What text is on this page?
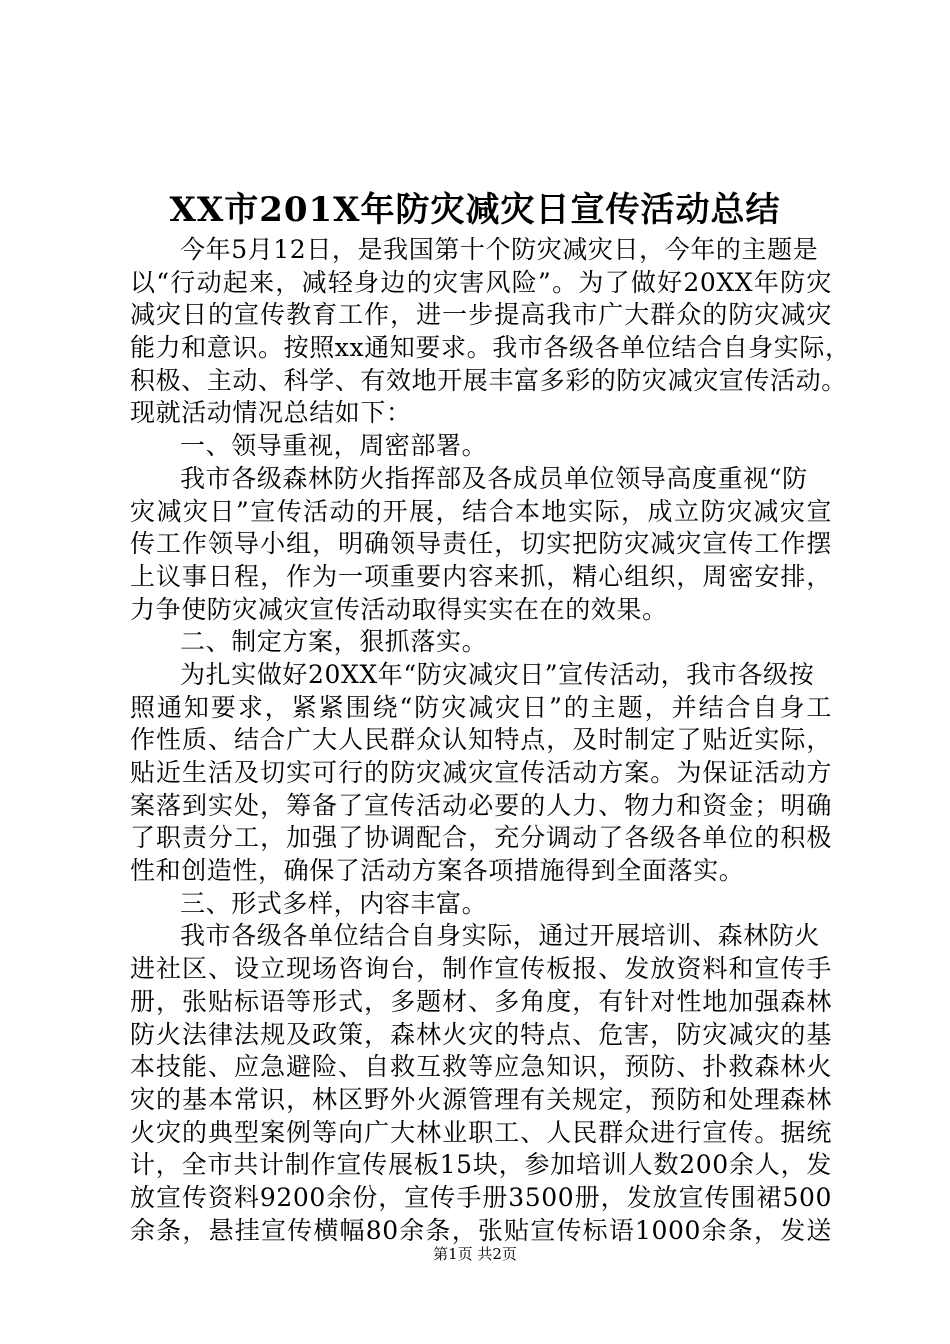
XX市201X年防灾减灾日宣传活动总结
今年5月12日，是我国第十个防灾减灾日，今年的主题是
以“行动起来，减轻身边的灾害风险”。为了做好20XX年防灾
减灾日的宣传教育工作，进一步提高我市广大群众的防灾减灾
能力和意识。按照xx通知要求。我市各级各单位结合自身实际，
积极、主动、科学、有效地开展丰富多彩的防灾减灾宣传活动。
现就活动情况总结如下：
一、领导重视，周密部署。
我市各级森林防火指挥部及各成员单位领导高度重视“防
灾减灾日”宣传活动的开展，结合本地实际，成立防灾减灾宣
传工作领导小组，明确领导责任，切实把防灾减灾宣传工作摆
上议事日程，作为一项重要内容来抓，精心组织，周密安排，
力争使防灾减灾宣传活动取得实实在在的效果。
二、制定方案，狠抓落实。
为扎实做好20XX年“防灾减灾日”宣传活动，我市各级按
照通知要求，紧紧围绕“防灾减灾日”的主题，并结合自身工
作性质、结合广大人民群众认知特点，及时制定了贴近实际，
贴近生活及切实可行的防灾减灾宣传活动方案。为保证活动方
案落到实处，筹备了宣传活动必要的人力、物力和资金；明确
了职责分工，加强了协调配合，充分调动了各级各单位的积极
性和创造性，确保了活动方案各项措施得到全面落实。
三、形式多样，内容丰富。
我市各级各单位结合自身实际，通过开展培训、森林防火
进社区、设立现场咨询台，制作宣传板报、发放资料和宣传手
册，张贴标语等形式，多题材、多角度，有针对性地加强森林
防火法律法规及政策，森林火灾的特点、危害，防灾减灾的基
本技能、应急避险、自救互救等应急知识，预防、扑救森林火
灾的基本常识，林区野外火源管理有关规定，预防和处理森林
火灾的典型案例等向广大林业职工、人民群众进行宣传。据统
计，全市共计制作宣传展板15块，参加培训人数200余人，发
放宣传资料9200余份，宣传手册3500册，发放宣传围裙500
余条，悬挂宣传横幅80余条，张贴宣传标语1000余条，发送
第1页 共2页
